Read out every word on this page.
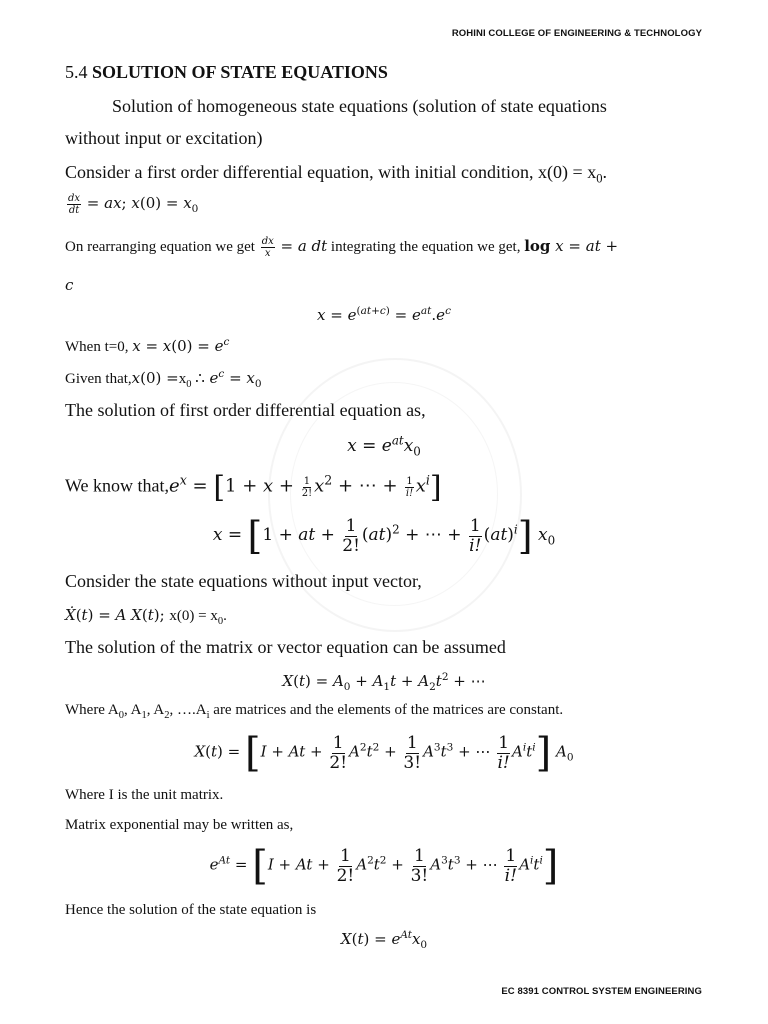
ROHINI COLLEGE OF ENGINEERING & TECHNOLOGY
5.4 SOLUTION OF STATE EQUATIONS
Solution of homogeneous state equations (solution of state equations
without input or excitation)
Consider a first order differential equation, with initial condition, $x(0) = x_0$.
$\frac{dx}{dt}$ = ax; $x(0) = x_0$
On rearranging equation we get $\frac{dx}{x} = a$ dt integrating the equation we get, log x = at +
c
$x = e^{(at+c)} = e^{at}.e^c$
When t=0, $x = x(0) = e^c$
Given that,x(0) $=x_0$ ∴ $e^c = x_0$
The solution of first order differential equation as,
$x = e^{at}x_0$
We know $that,e^x = [1 + x + \frac{1}{2!} x^2$ + ⋯ + $\frac{1}{i!} x^i$]
x = [1 + at + $\frac{1}{2!} (at)^2$ + ⋯ + $\frac{1}{i!} (at)^i$] $x_0$
Consider the state equations without input vector,
Ẋ(t) = A X(t); $x(0) = x_0$.
The solution of the matrix or vector equation can be assumed
$X(t) = A_0 + A_1t + A_2t^2$ + ⋯
Where $A_0$, $A_1$, $A_2$, $\dots.A_i$ are matrices and the elements of the matrices are constant.
$X(t) = [I + At + \frac{1}{2!} A^2t^2 + \frac{1}{3!} A^3t^3$ + ⋯ $\frac{1}{i!} A^it^i$] $A_0$
Where I is the unit matrix.
Matrix exponential may be written as,
$e^{At} = [I + At + \frac{1}{2!} A^2t^2 + \frac{1}{3!} A^3t^3$ + ⋯ $\frac{1}{i!} A^it^i$]
Hence the solution of the state equation is
$X(t) = e^{At}x_0$
EC 8391 CONTROL SYSTEM ENGINEERING
